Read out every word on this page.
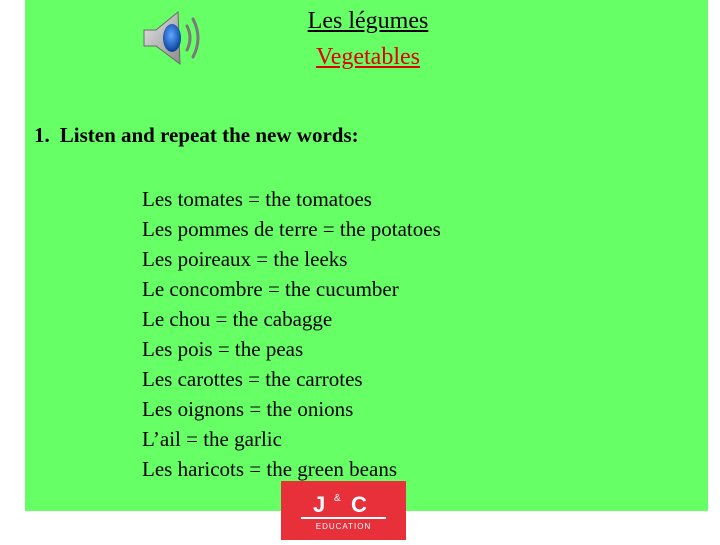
Les légumes
Vegetables
1. Listen and repeat the new words:
Les tomates = the tomatoes
Les pommes de terre = the potatoes
Les poireaux = the leeks
Le concombre = the cucumber
Le chou = the cabagge
Les pois = the peas
Les carottes = the carrotes
Les oignons = the onions
L’ail = the garlic
Les haricots = the green beans
J & C
EDUCATION
